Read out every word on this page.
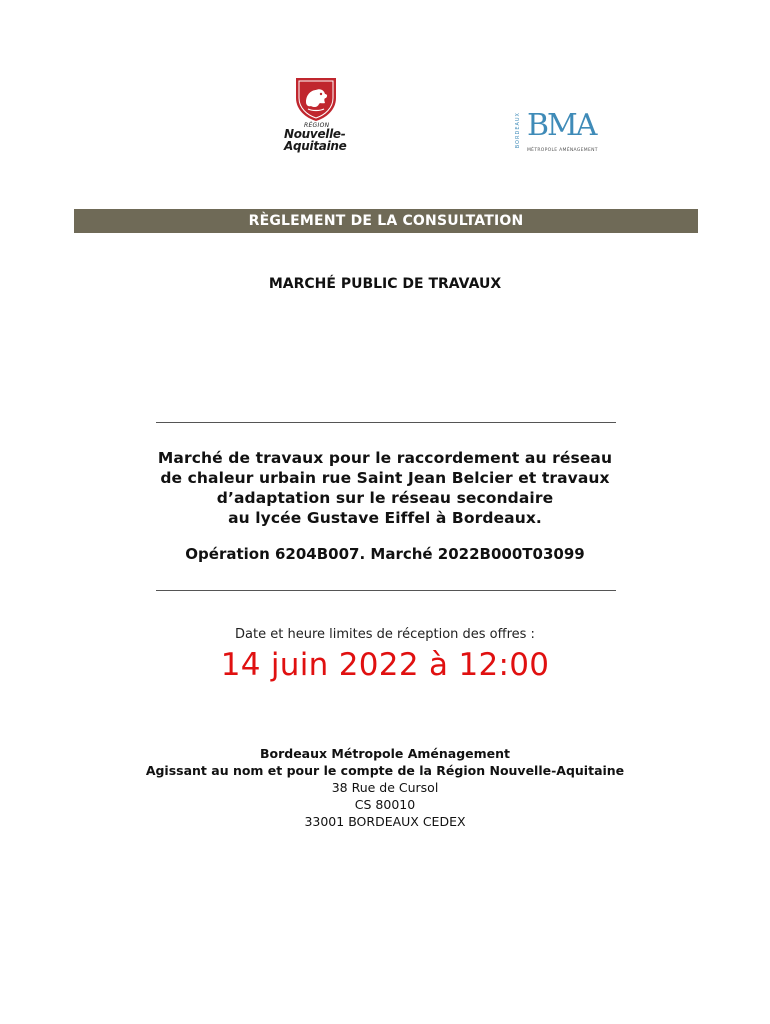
RÉGION
Nouvelle-
Aquitaine	BORDEAUX BMA
MÉTROPOLE AMÉNAGEMENT
RÈGLEMENT DE LA CONSULTATION
MARCHÉ PUBLIC DE TRAVAUX
Marché de travaux pour le raccordement au réseau
de chaleur urbain rue Saint Jean Belcier et travaux
d’adaptation sur le réseau secondaire
au lycée Gustave Eiffel à Bordeaux.
Opération 6204B007. Marché 2022B000T03099
Date et heure limites de réception des offres :
14 juin 2022 à 12:00
Bordeaux Métropole Aménagement
Agissant au nom et pour le compte de la Région Nouvelle-Aquitaine
38 Rue de Cursol
CS 80010
33001 BORDEAUX CEDEX
